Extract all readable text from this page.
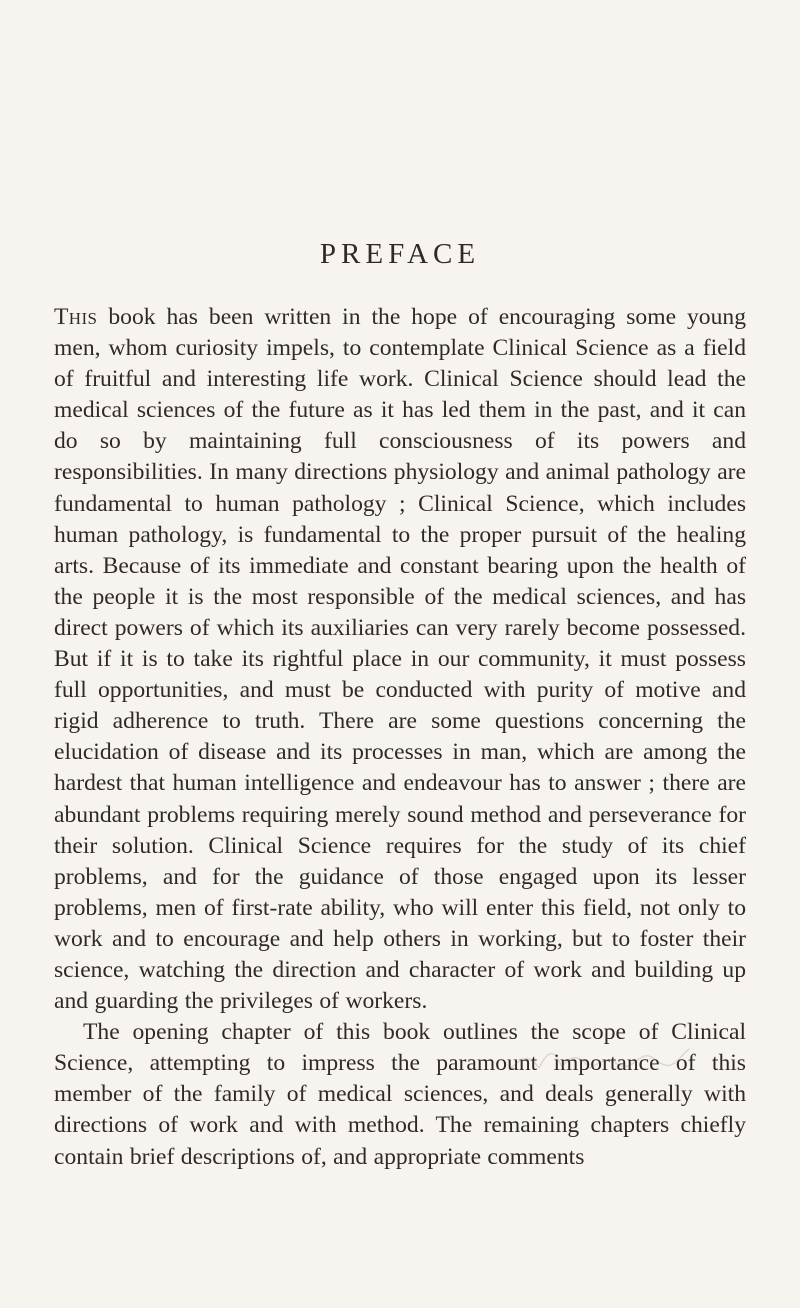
PREFACE

This book has been written in the hope of encouraging some young men, whom curiosity impels, to contemplate Clinical Science as a field of fruitful and interesting life work. Clinical Science should lead the medical sciences of the future as it has led them in the past, and it can do so by maintaining full consciousness of its powers and responsibilities. In many directions physiology and animal pathology are fundamental to human pathology ; Clinical Science, which includes human pathology, is fundamental to the proper pursuit of the healing arts. Because of its immediate and constant bearing upon the health of the people it is the most responsible of the medical sciences, and has direct powers of which its auxiliaries can very rarely become possessed. But if it is to take its rightful place in our community, it must possess full opportunities, and must be conducted with purity of motive and rigid adherence to truth. There are some questions concerning the elucidation of disease and its processes in man, which are among the hardest that human intelligence and endeavour has to answer ; there are abundant problems requiring merely sound method and perseverance for their solution. Clinical Science requires for the study of its chief problems, and for the guidance of those engaged upon its lesser problems, men of first-rate ability, who will enter this field, not only to work and to encourage and help others in working, but to foster their science, watching the direction and character of work and building up and guarding the privileges of workers.

The opening chapter of this book outlines the scope of Clinical Science, attempting to impress the paramount importance of this member of the family of medical sciences, and deals generally with directions of work and with method. The remaining chapters chiefly contain brief descriptions of, and appropriate comments
